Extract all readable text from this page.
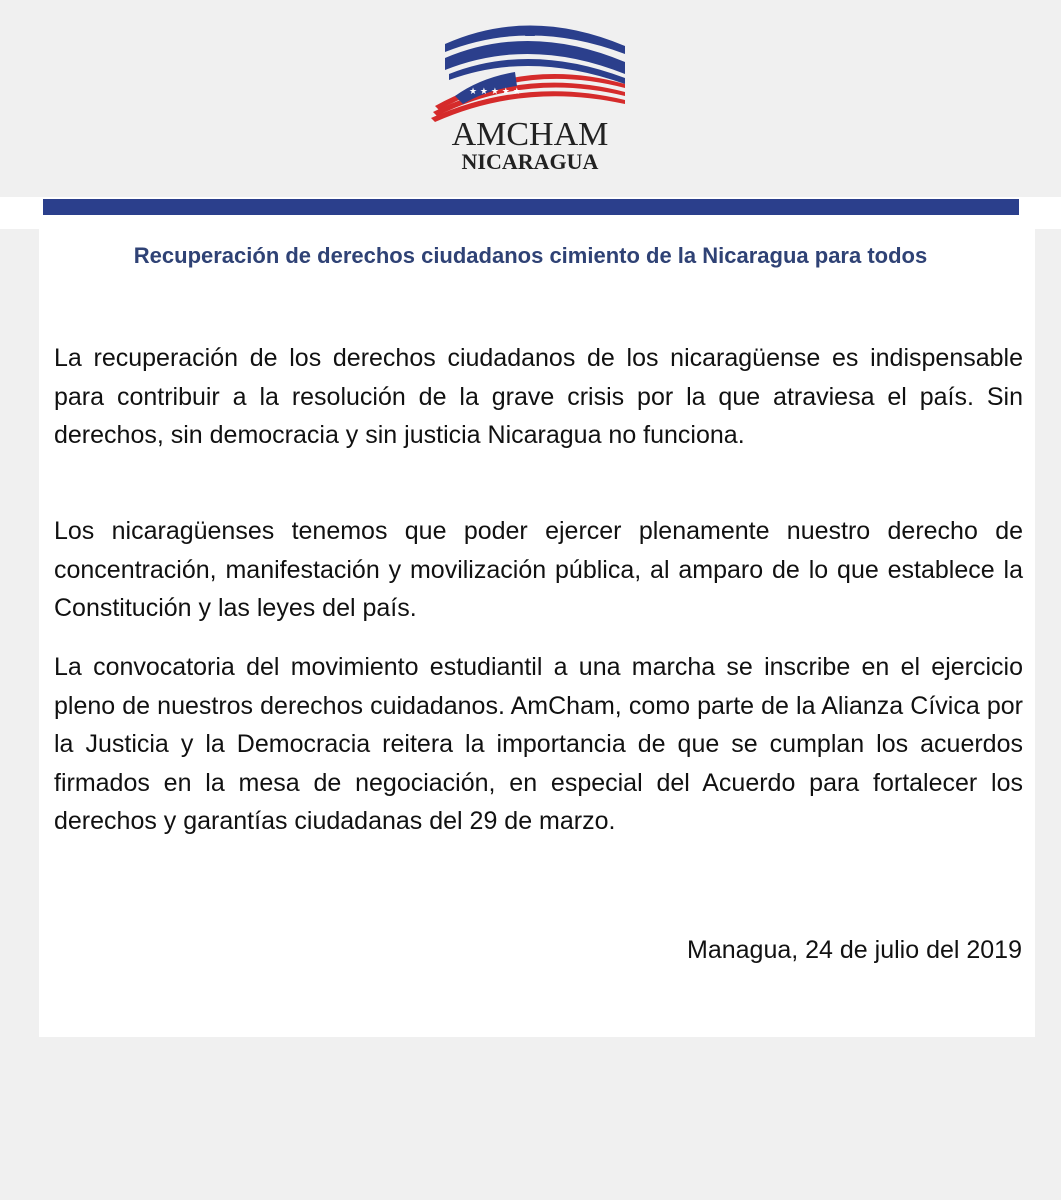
★ ★ ★ ★ ★
AMCHAM
NICARAGUA
Recuperación de derechos ciudadanos cimiento de la Nicaragua para todos

La recuperación de los derechos ciudadanos de los nicaragüense es indispensable para contribuir a la resolución de la grave crisis por la que atraviesa el país. Sin derechos, sin democracia y sin justicia Nicaragua no funciona.

Los nicaragüenses tenemos que poder ejercer plenamente nuestro derecho de concentración, manifestación y movilización pública, al amparo de lo que establece la Constitución y las leyes del país.

La convocatoria del movimiento estudiantil a una marcha se inscribe en el ejercicio pleno de nuestros derechos cuidadanos. AmCham, como parte de la Alianza Cívica por la Justicia y la Democracia reitera la importancia de que se cumplan los acuerdos firmados en la mesa de negociación, en especial del Acuerdo para fortalecer los derechos y garantías ciudadanas del 29 de marzo.

Managua, 24 de julio del 2019
